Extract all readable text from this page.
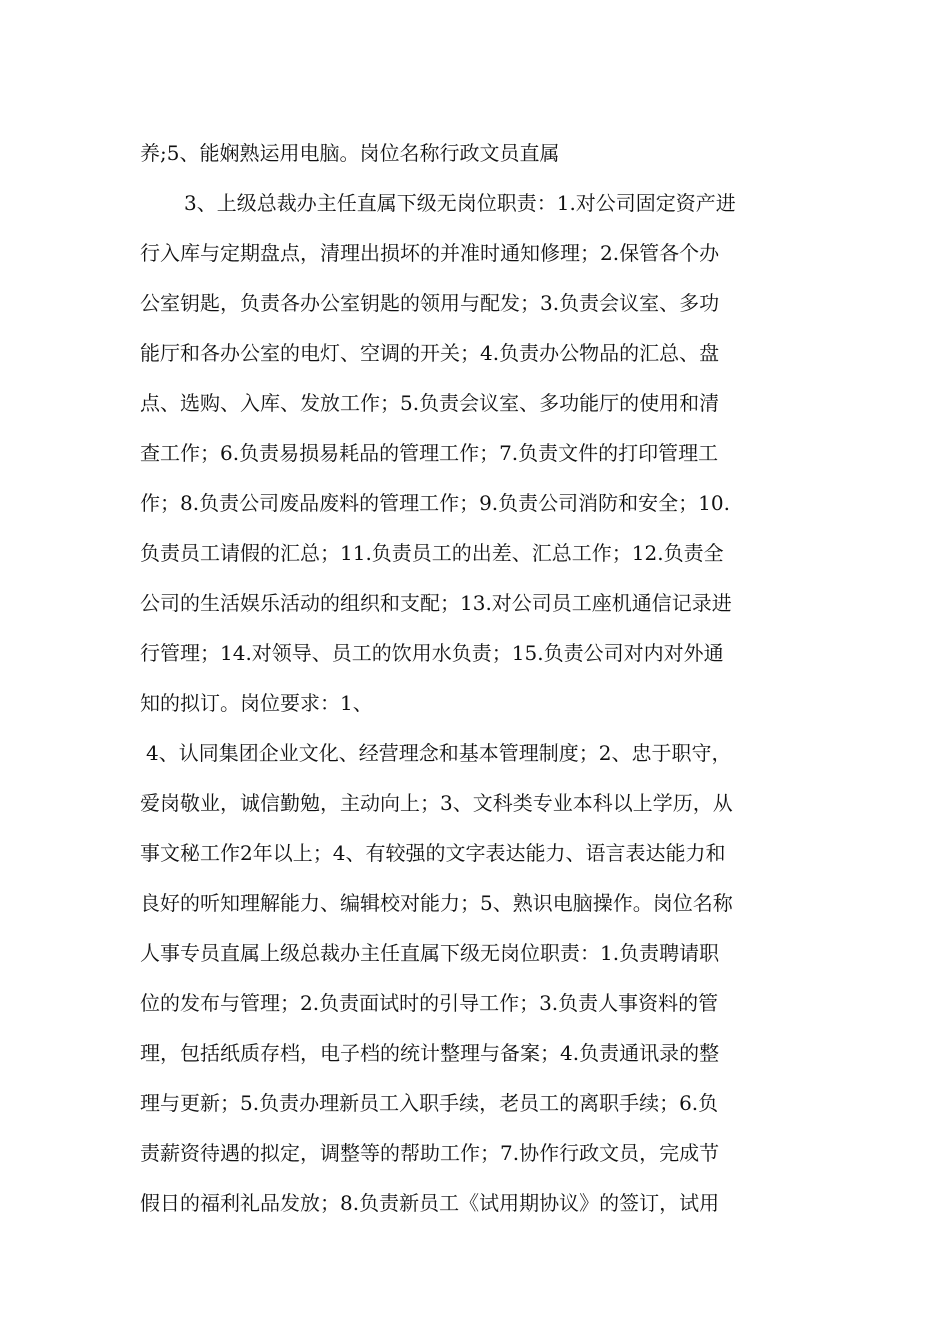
养;5、能娴熟运用电脑。岗位名称行政文员直属
3、上级总裁办主任直属下级无岗位职责：1.对公司固定资产进
行入库与定期盘点，清理出损坏的并准时通知修理；2.保管各个办
公室钥匙，负责各办公室钥匙的领用与配发；3.负责会议室、多功
能厅和各办公室的电灯、空调的开关；4.负责办公物品的汇总、盘
点、选购、入库、发放工作；5.负责会议室、多功能厅的使用和清
查工作；6.负责易损易耗品的管理工作；7.负责文件的打印管理工
作；8.负责公司废品废料的管理工作；9.负责公司消防和安全；10.
负责员工请假的汇总；11.负责员工的出差、汇总工作；12.负责全
公司的生活娱乐活动的组织和支配；13.对公司员工座机通信记录进
行管理；14.对领导、员工的饮用水负责；15.负责公司对内对外通
知的拟订。岗位要求：1、
4、认同集团企业文化、经营理念和基本管理制度；2、忠于职守，
爱岗敬业，诚信勤勉，主动向上；3、文科类专业本科以上学历，从
事文秘工作2年以上；4、有较强的文字表达能力、语言表达能力和
良好的听知理解能力、编辑校对能力；5、熟识电脑操作。岗位名称
人事专员直属上级总裁办主任直属下级无岗位职责：1.负责聘请职
位的发布与管理；2.负责面试时的引导工作；3.负责人事资料的管
理，包括纸质存档，电子档的统计整理与备案；4.负责通讯录的整
理与更新；5.负责办理新员工入职手续，老员工的离职手续；6.负
责薪资待遇的拟定，调整等的帮助工作；7.协作行政文员，完成节
假日的福利礼品发放；8.负责新员工《试用期协议》的签订，试用
